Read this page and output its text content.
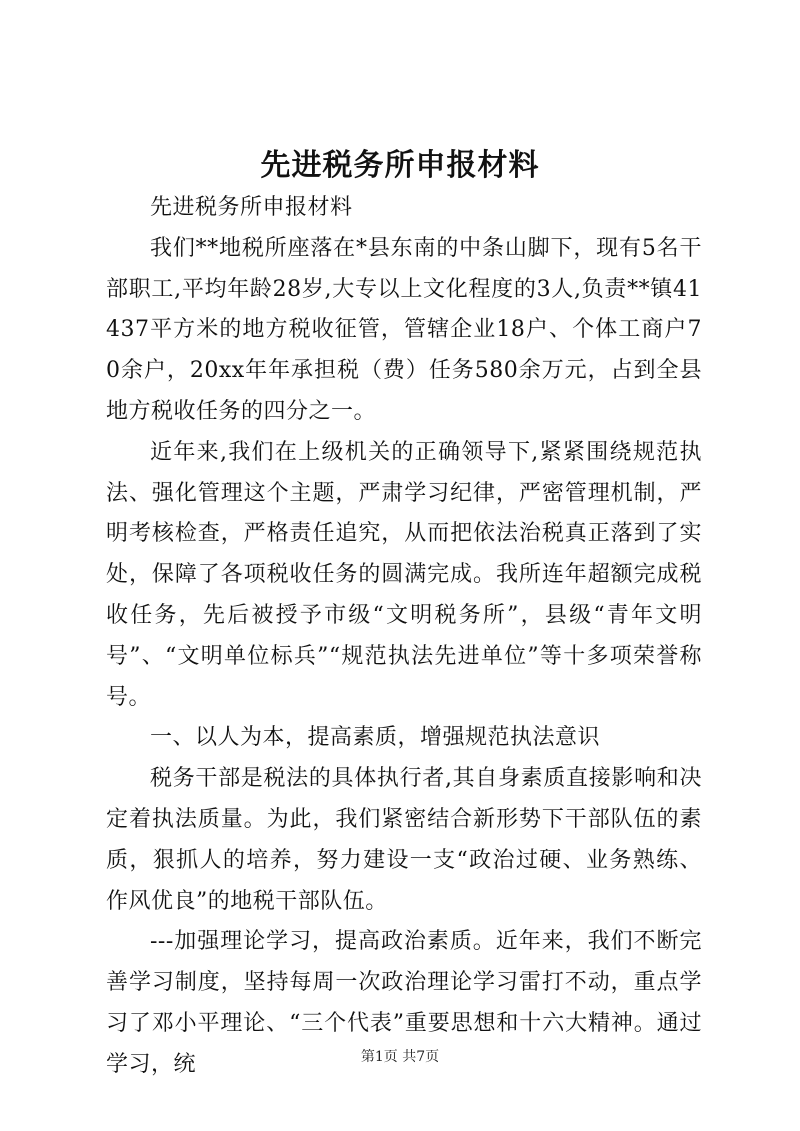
先进税务所申报材料

先进税务所申报材料

我们**地税所座落在*县东南的中条山脚下，现有5名干部职工,平均年龄28岁,大专以上文化程度的3人,负责**镇41437平方米的地方税收征管，管辖企业18户、个体工商户70余户，20xx年年承担税（费）任务580余万元，占到全县地方税收任务的四分之一。

近年来,我们在上级机关的正确领导下,紧紧围绕规范执法、强化管理这个主题，严肃学习纪律，严密管理机制，严明考核检查，严格责任追究，从而把依法治税真正落到了实处，保障了各项税收任务的圆满完成。我所连年超额完成税收任务，先后被授予市级“文明税务所”，县级“青年文明号”、“文明单位标兵”“规范执法先进单位”等十多项荣誉称号。

一、以人为本，提高素质，增强规范执法意识

税务干部是税法的具体执行者,其自身素质直接影响和决定着执法质量。为此，我们紧密结合新形势下干部队伍的素质，狠抓人的培养，努力建设一支“政治过硬、业务熟练、作风优良”的地税干部队伍。

---加强理论学习，提高政治素质。近年来，我们不断完善学习制度，坚持每周一次政治理论学习雷打不动，重点学习了邓小平理论、“三个代表”重要思想和十六大精神。通过学习，统	第1页 共7页
